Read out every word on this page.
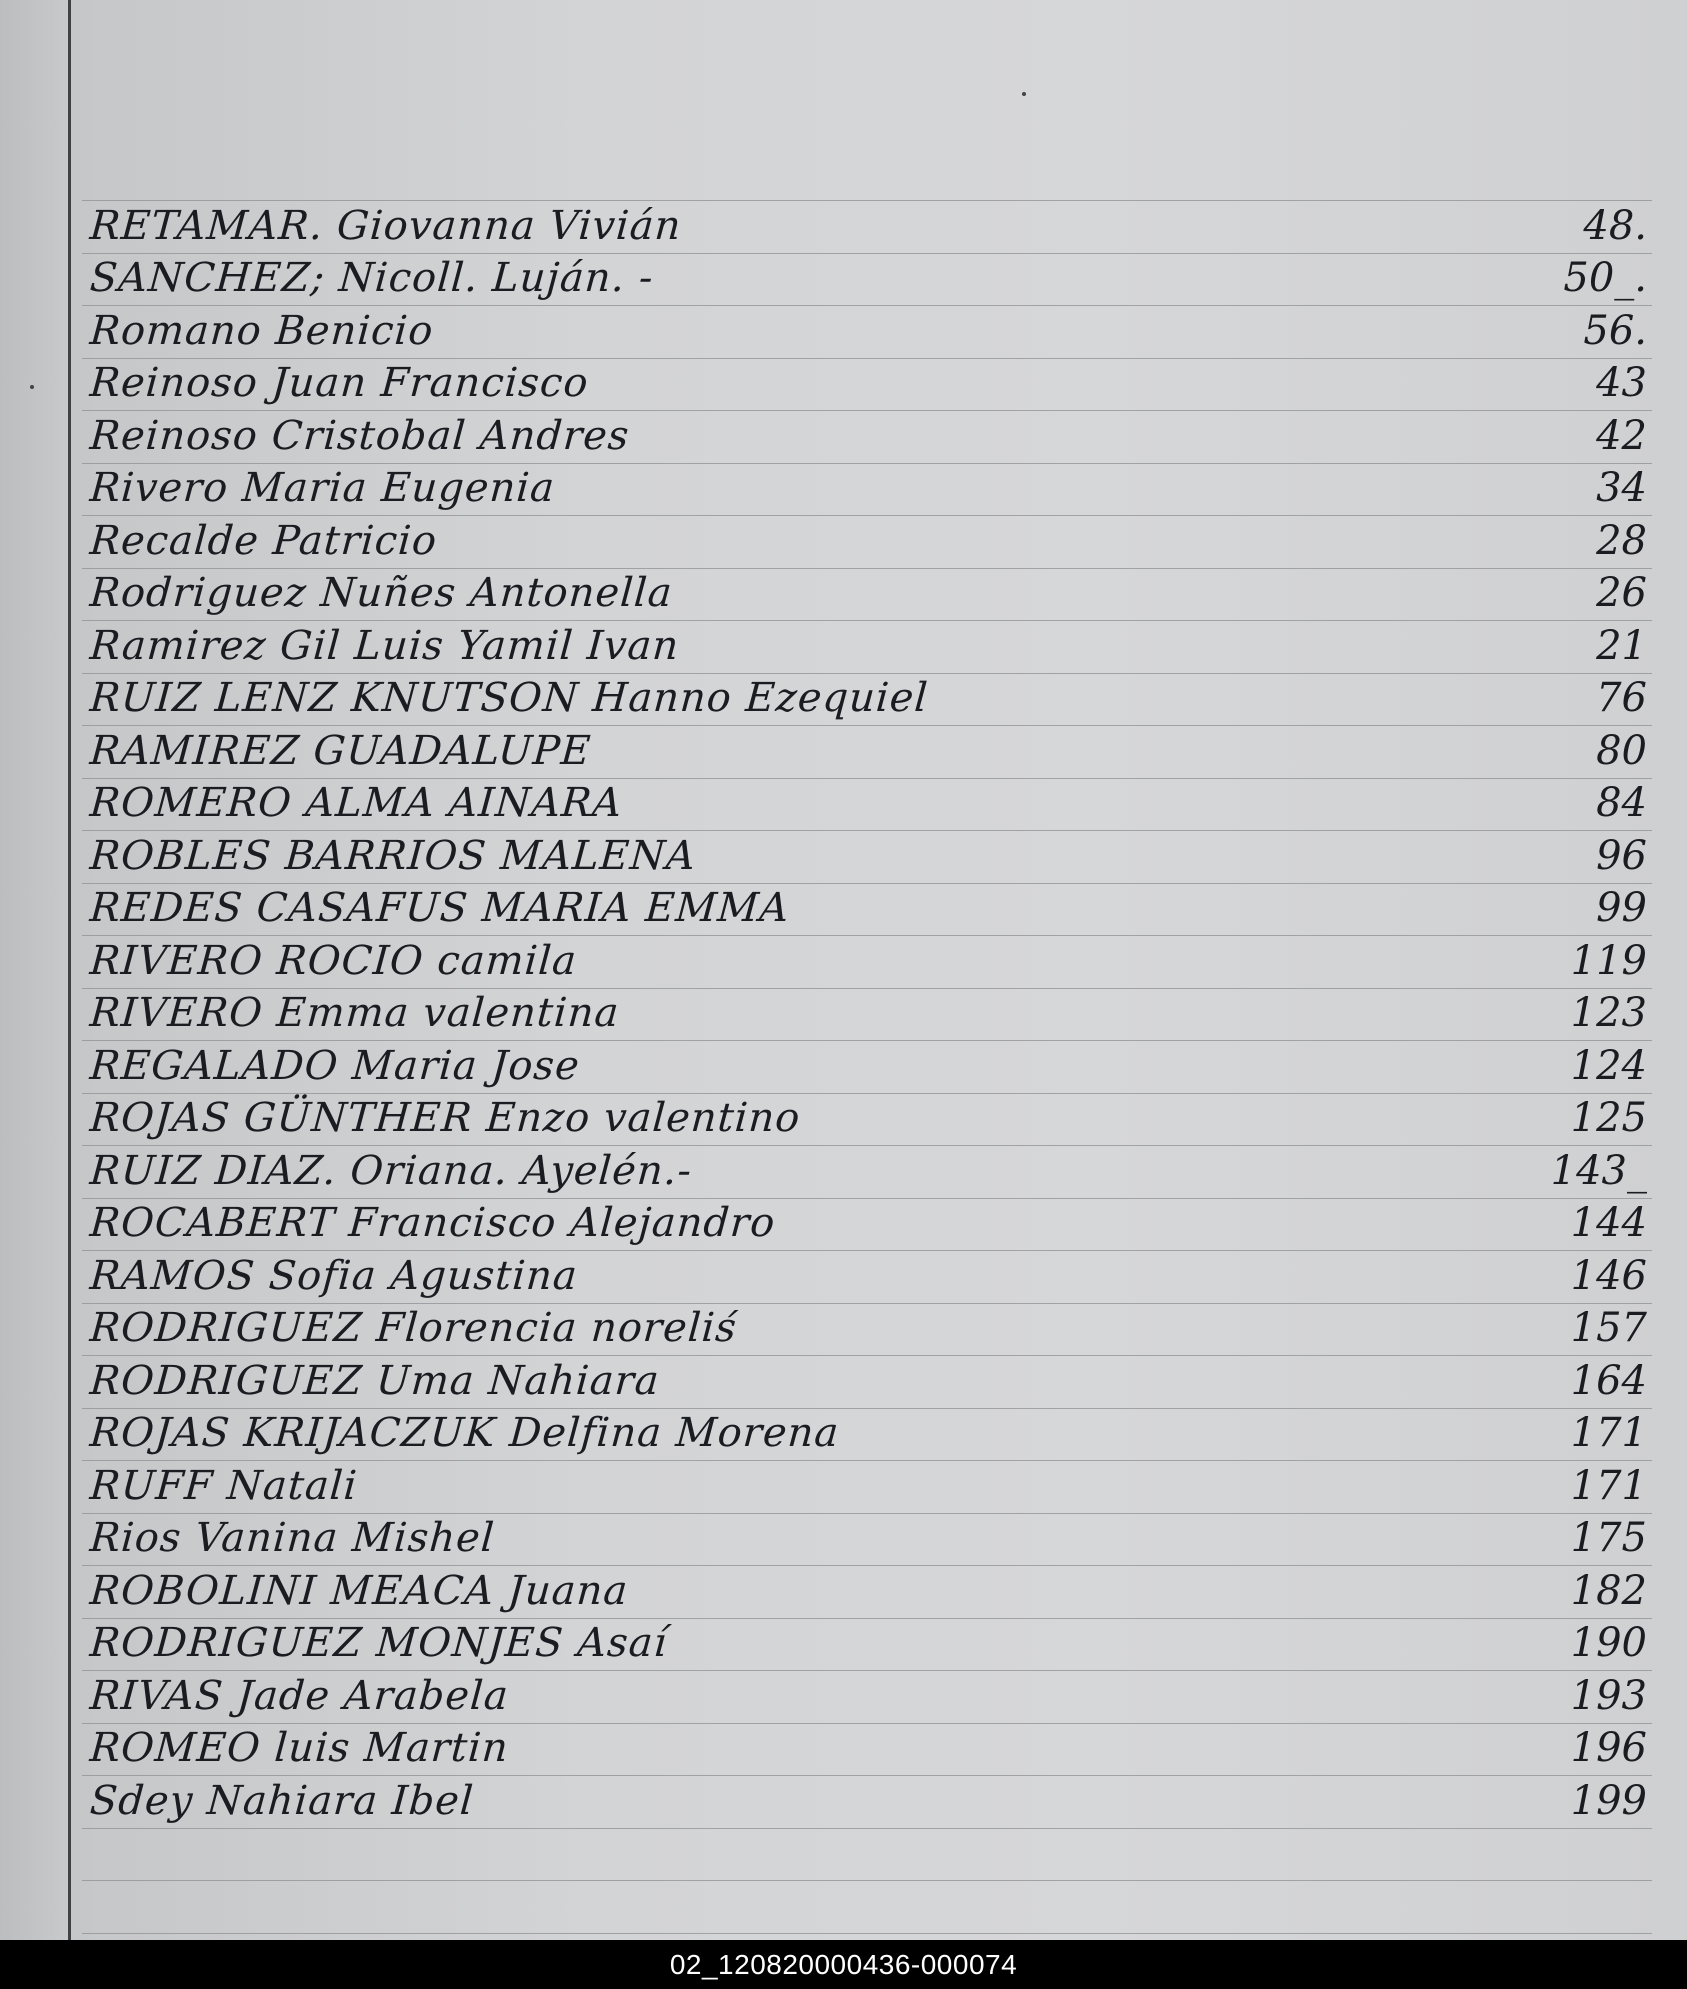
RETAMAR. Giovanna Vivián	48.
SANCHEZ; Nicoll. Luján. -	50_.
Romano Benicio	56.
Reinoso Juan Francisco	43
Reinoso Cristobal Andres	42
Rivero Maria Eugenia	34
Recalde Patricio	28
Rodriguez Nuñes Antonella	26
Ramirez Gil Luis Yamil Ivan	21
RUIZ LENZ KNUTSON Hanno Ezequiel	76
RAMIREZ GUADALUPE	80
ROMERO ALMA AINARA	84
ROBLES BARRIOS MALENA	96
REDES CASAFUS MARIA EMMA	99
RIVERO ROCIO camila	119
RIVERO Emma valentina	123
REGALADO Maria Jose	124
ROJAS GÜNTHER Enzo valentino	125
RUIZ DIAZ. Oriana. Ayelén.-	143_
ROCABERT Francisco Alejandro	144
RAMOS Sofia Agustina	146
RODRIGUEZ Florencia noreliś	157
RODRIGUEZ Uma Nahiara	164
ROJAS KRIJACZUK Delfina Morena	171
RUFF Natali	171
Rios Vanina Mishel	175
ROBOLINI MEACA Juana	182
RODRIGUEZ MONJES Asaí	190
RIVAS Jade Arabela	193
ROMEO luis Martin	196
Sdey Nahiara Ibel	199
02_120820000436-000074
